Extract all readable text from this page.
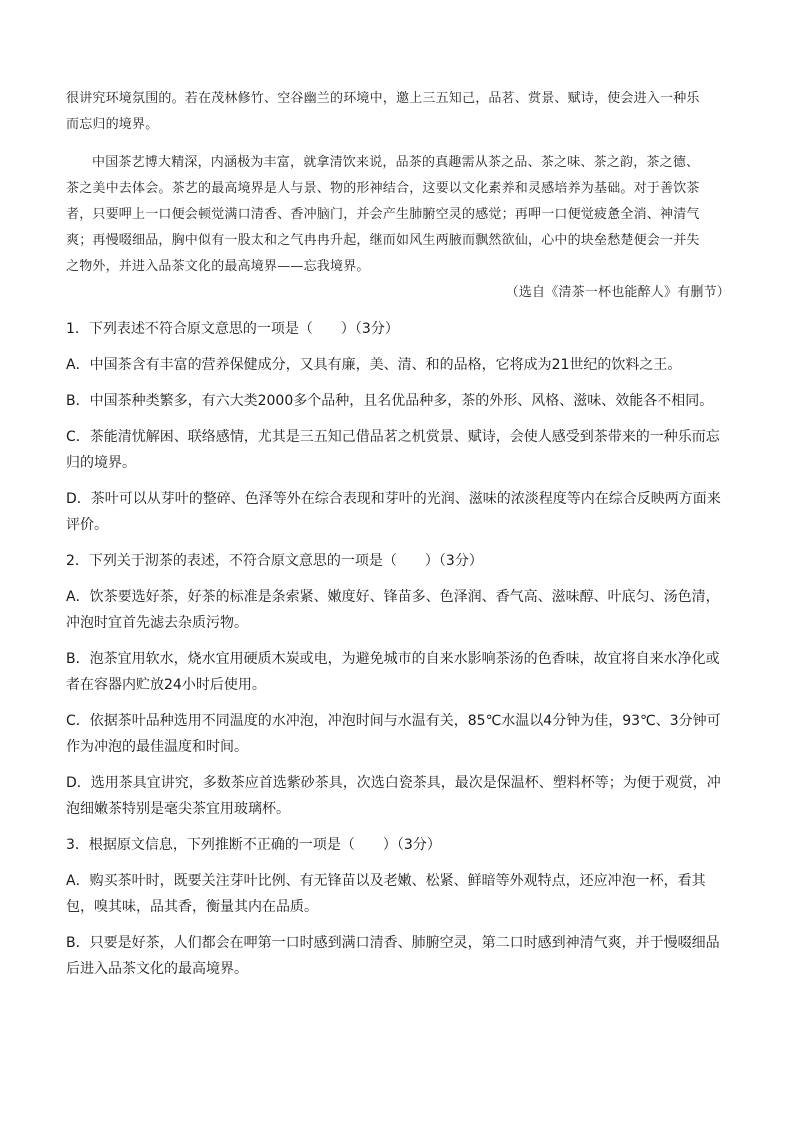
很讲究环境氛围的。若在茂林修竹、空谷幽兰的环境中，邀上三五知己，品茗、赏景、赋诗，使会进入一种乐

而忘归的境界。

中国茶艺博大精深，内涵极为丰富，就拿清饮来说，品茶的真趣需从茶之品、茶之味、茶之韵，茶之德、

茶之美中去体会。茶艺的最高境界是人与景、物的形神结合，这要以文化素养和灵感培养为基础。对于善饮茶

者，只要呷上一口便会顿觉满口清香、香冲脑门，并会产生肺腑空灵的感觉；再呷一口便觉疲惫全消、神清气

爽；再慢啜细品，胸中似有一股太和之气冉冉升起，继而如风生两腋而飘然欲仙，心中的块垒愁楚便会一并失

之物外，并进入品茶文化的最高境界——忘我境界。

（选自《清茶一杯也能醉人》有删节）

1．下列表述不符合原文意思的一项是（　　）（3分）

A．中国茶含有丰富的营养保健成分，又具有廉，美、清、和的品格，它将成为21世纪的饮料之王。

B．中国茶种类繁多，有六大类2000多个品种，且名优品种多，茶的外形、风格、滋味、效能各不相同。

C．茶能清忧解困、联络感情，尤其是三五知己借品茗之机赏景、赋诗，会使人感受到茶带来的一种乐而忘归的境界。

D．茶叶可以从芽叶的整碎、色泽等外在综合表现和芽叶的光润、滋味的浓淡程度等内在综合反映两方面来评价。

2．下列关于沏茶的表述，不符合原文意思的一项是（　　）（3分）

A．饮茶要选好茶，好茶的标准是条索紧、嫩度好、锋苗多、色泽润、香气高、滋味醇、叶底匀、汤色清，冲泡时宜首先滤去杂质污物。

B．泡茶宜用软水，烧水宜用硬质木炭或电，为避免城市的自来水影响茶汤的色香味，故宜将自来水净化或者在容器内贮放24小时后使用。

C．依据茶叶品种选用不同温度的水冲泡，冲泡时间与水温有关，85℃水温以4分钟为佳，93℃、3分钟可作为冲泡的最佳温度和时间。

D．选用茶具宜讲究，多数茶应首选紫砂茶具，次选白瓷茶具，最次是保温杯、塑料杯等；为便于观赏，冲泡细嫩茶特别是毫尖茶宜用玻璃杯。

3．根据原文信息，下列推断不正确的一项是（　　）（3分）

A．购买茶叶时，既要关注芽叶比例、有无锋苗以及老嫩、松紧、鲜暗等外观特点，还应冲泡一杯，看其包，嗅其味，品其香，衡量其内在品质。

B．只要是好茶，人们都会在呷第一口时感到满口清香、肺腑空灵，第二口时感到神清气爽，并于慢啜细品后进入品茶文化的最高境界。
